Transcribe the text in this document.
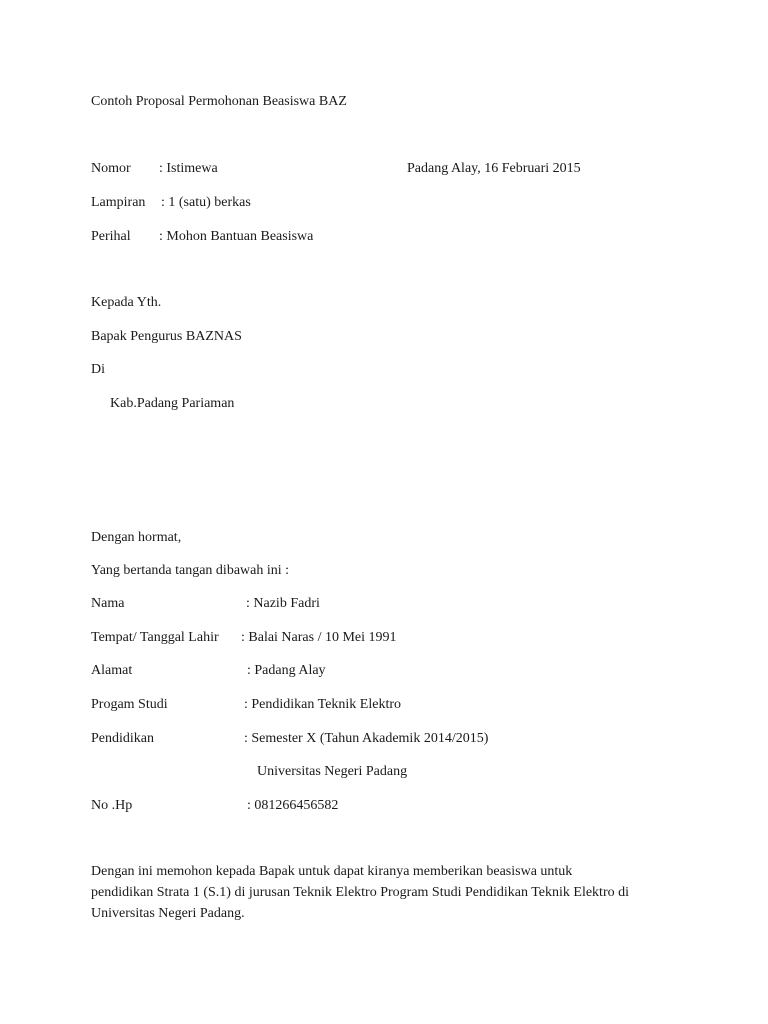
Contoh Proposal Permohonan Beasiswa BAZ
Nomor : Istimewa	Padang Alay, 16 Februari 2015
Lampiran : 1 (satu) berkas
Perihal : Mohon Bantuan Beasiswa
Kepada Yth.
Bapak Pengurus BAZNAS
Di
Kab.Padang Pariaman
Dengan hormat,
Yang bertanda tangan dibawah ini :
Nama	: Nazib Fadri
Tempat/ Tanggal Lahir : Balai Naras / 10 Mei 1991
Alamat	: Padang Alay
Progam Studi	: Pendidikan Teknik Elektro
Pendidikan	: Semester X (Tahun Akademik 2014/2015)
Universitas Negeri Padang
No .Hp	: 081266456582
Dengan ini memohon kepada Bapak untuk dapat kiranya memberikan beasiswa untuk pendidikan Strata 1 (S.1) di jurusan Teknik Elektro Program Studi Pendidikan Teknik Elektro di Universitas Negeri Padang.
